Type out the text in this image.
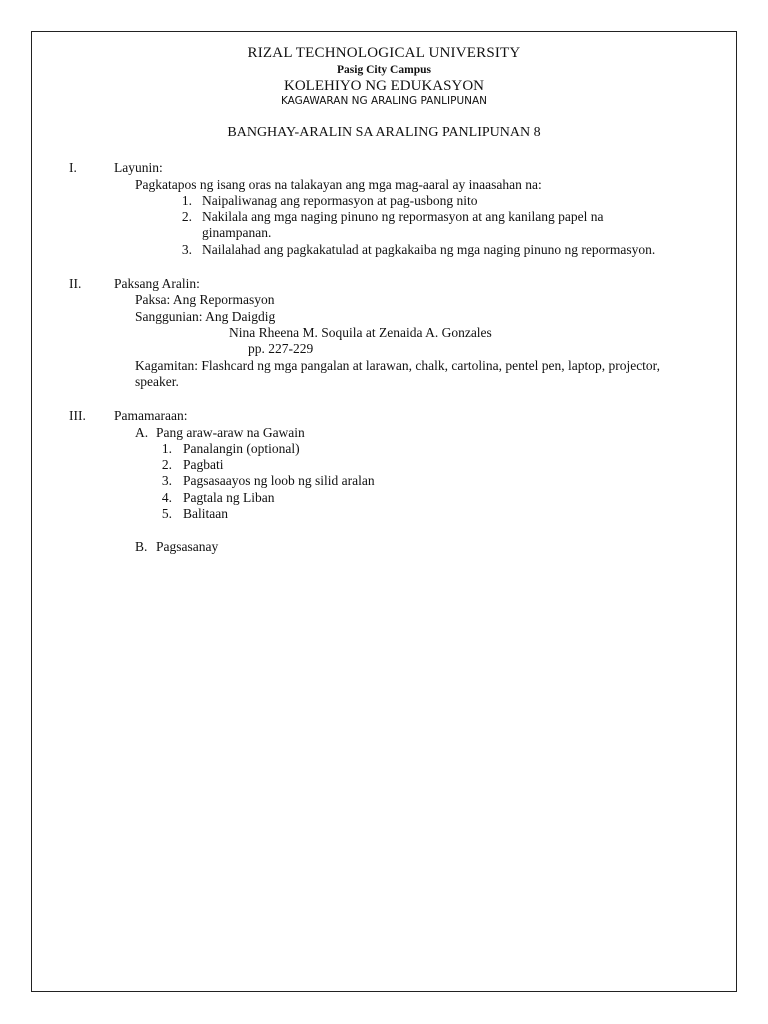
RIZAL TECHNOLOGICAL UNIVERSITY
Pasig City Campus
KOLEHIYO NG EDUKASYON
KAGAWARAN NG ARALING PANLIPUNAN
BANGHAY-ARALIN SA ARALING PANLIPUNAN 8
I.	Layunin:
Pagkatapos ng isang oras na talakayan ang mga mag-aaral ay inaasahan na:
1. Naipaliwanag ang repormasyon at pag-usbong nito
2. Nakilala ang mga naging pinuno ng repormasyon at ang kanilang papel na
ginampanan.
3. Nailalahad ang pagkakatulad at pagkakaiba ng mga naging pinuno ng repormasyon.
II. Paksang Aralin:
Paksa: Ang Repormasyon
Sanggunian: Ang Daigdig
Nina Rheena M. Soquila at Zenaida A. Gonzales
pp. 227-229
Kagamitan: Flashcard ng mga pangalan at larawan, chalk, cartolina, pentel pen, laptop, projector,
speaker.
III. Pamamaraan:
A. Pang araw-araw na Gawain
1. Panalangin (optional)
2. Pagbati
3. Pagsasaayos ng loob ng silid aralan
4. Pagtala ng Liban
5. Balitaan
B. Pagsasanay
